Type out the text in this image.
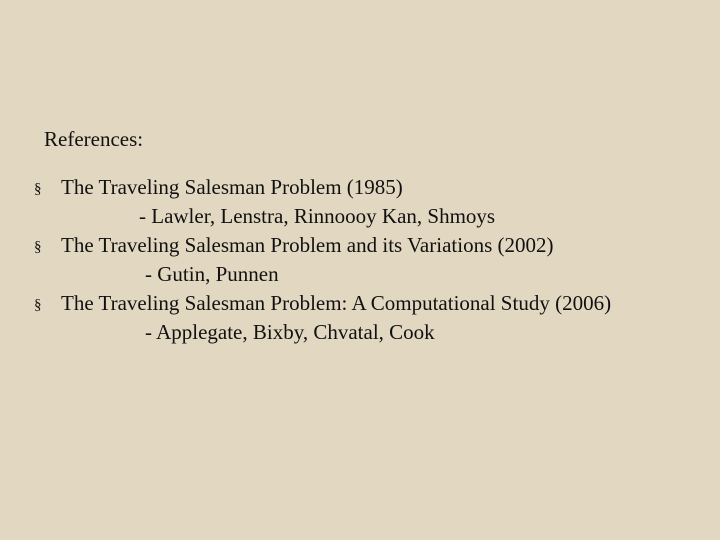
References:
§ The Traveling Salesman Problem (1985)
- Lawler, Lenstra, Rinnoooy Kan, Shmoys
§ The Traveling Salesman Problem and its Variations (2002)
- Gutin, Punnen
§ The Traveling Salesman Problem: A Computational Study (2006)
- Applegate, Bixby, Chvatal, Cook
